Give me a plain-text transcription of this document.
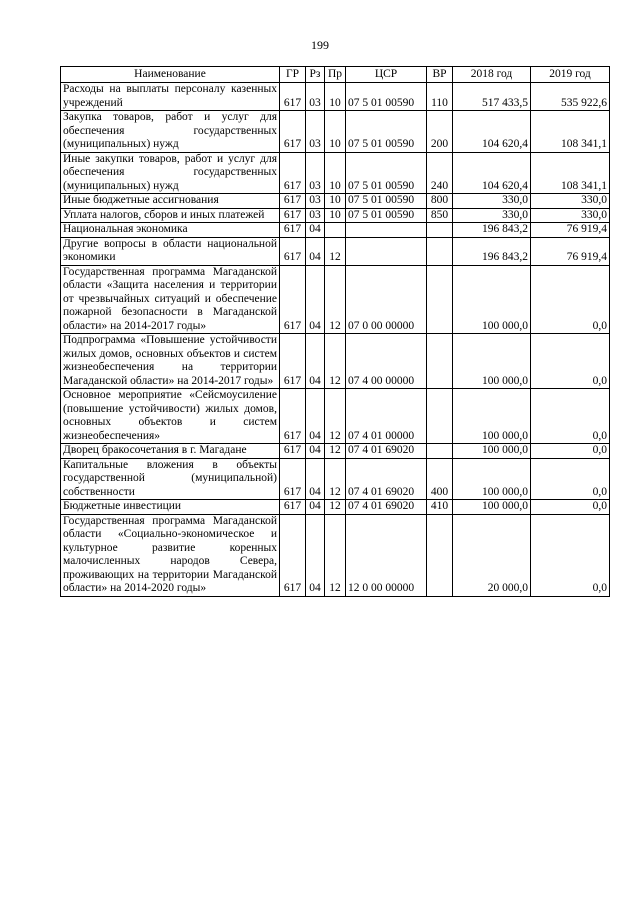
199
Наименование	ГР	Рз	Пр	ЦСР	ВР	2018 год	2019 год
Расходы на выплаты персоналу казенных учреждений	617	03	10	07 5 01 00590	110	517 433,5	535 922,6
Закупка товаров, работ и услуг для обеспечения государственных (муниципальных) нужд	617	03	10	07 5 01 00590	200	104 620,4	108 341,1
Иные закупки товаров, работ и услуг для обеспечения государственных (муниципальных) нужд	617	03	10	07 5 01 00590	240	104 620,4	108 341,1
Иные бюджетные ассигнования	617	03	10	07 5 01 00590	800	330,0	330,0
Уплата налогов, сборов и иных платежей	617	03	10	07 5 01 00590	850	330,0	330,0
Национальная экономика	617	04				196 843,2	76 919,4
Другие вопросы в области национальной экономики	617	04	12			196 843,2	76 919,4
Государственная программа Магаданской области «Защита населения и территории от чрезвычайных ситуаций и обеспечение пожарной безопасности в Магаданской области» на 2014-2017 годы»	617	04	12	07 0 00 00000		100 000,0	0,0
Подпрограмма «Повышение устойчивости жилых домов, основных объектов и систем жизнеобеспечения на территории Магаданской области» на 2014-2017 годы»	617	04	12	07 4 00 00000		100 000,0	0,0
Основное мероприятие «Сейсмоусиление (повышение устойчивости) жилых домов, основных объектов и систем жизнеобеспечения»	617	04	12	07 4 01 00000		100 000,0	0,0
Дворец бракосочетания в г. Магадане	617	04	12	07 4 01 69020		100 000,0	0,0
Капитальные вложения в объекты государственной (муниципальной) собственности	617	04	12	07 4 01 69020	400	100 000,0	0,0
Бюджетные инвестиции	617	04	12	07 4 01 69020	410	100 000,0	0,0
Государственная программа Магаданской области «Социально-экономическое и культурное развитие коренных малочисленных народов Севера, проживающих на территории Магаданской области» на 2014-2020 годы»	617	04	12	12 0 00 00000		20 000,0	0,0
